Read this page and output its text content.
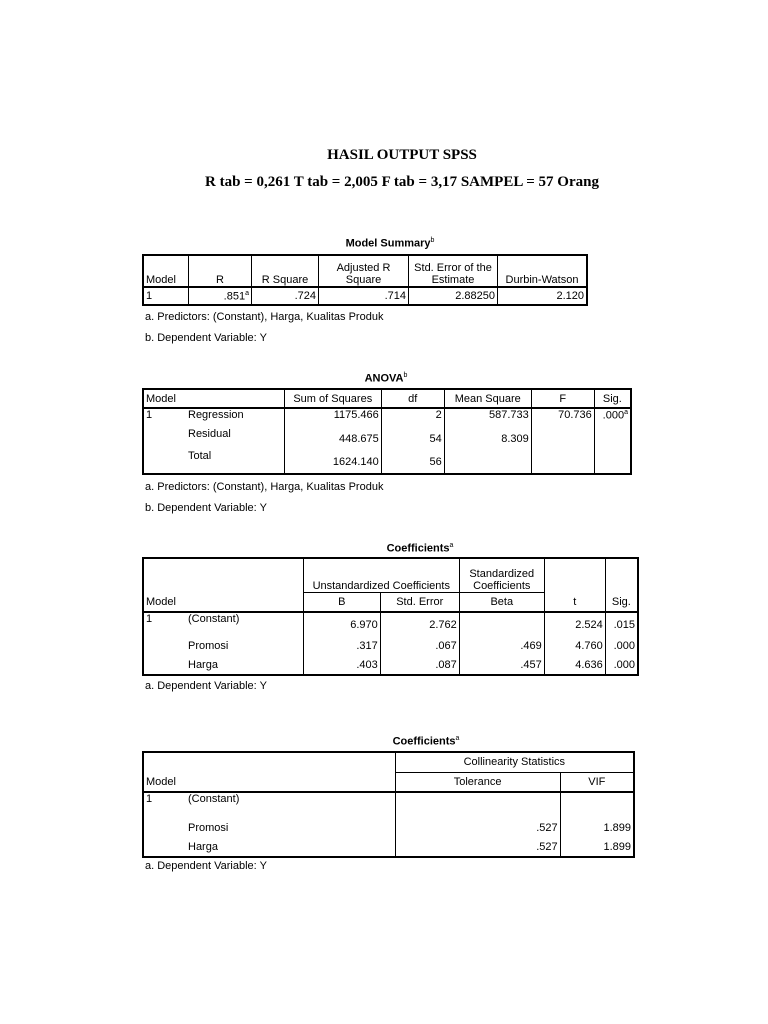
HASIL OUTPUT SPSS
R tab = 0,261 T tab = 2,005 F tab = 3,17 SAMPEL = 57 Orang
Model Summary$^b$
Model	R	R Square	Adjusted R Square	Std. Error of the Estimate	Durbin-Watson
1	.851$^a$	.724	.714	2.88250	2.120
a. Predictors: (Constant), Harga, Kualitas Produk
b. Dependent Variable: Y
ANOVA$^b$
Model		Sum of Squares	df	Mean Square	F	Sig.
1	Regression	1175.466	2	587.733	70.736	.000$^a$
	Residual	448.675	54	8.309		
	Total	1624.140	56			
a. Predictors: (Constant), Harga, Kualitas Produk
b. Dependent Variable: Y
Coefficients$^a$
		Unstandardized Coefficients		Standardized Coefficients		
Model		B	Std. Error	Beta	t	Sig.
1	(Constant)	6.970	2.762		2.524	.015
	Promosi	.317	.067	.469	4.760	.000
	Harga	.403	.087	.457	4.636	.000
a. Dependent Variable: Y
Coefficients$^a$
		Collinearity Statistics	
Model		Tolerance	VIF
1	(Constant)		
	Promosi	.527	1.899
	Harga	.527	1.899
a. Dependent Variable: Y
